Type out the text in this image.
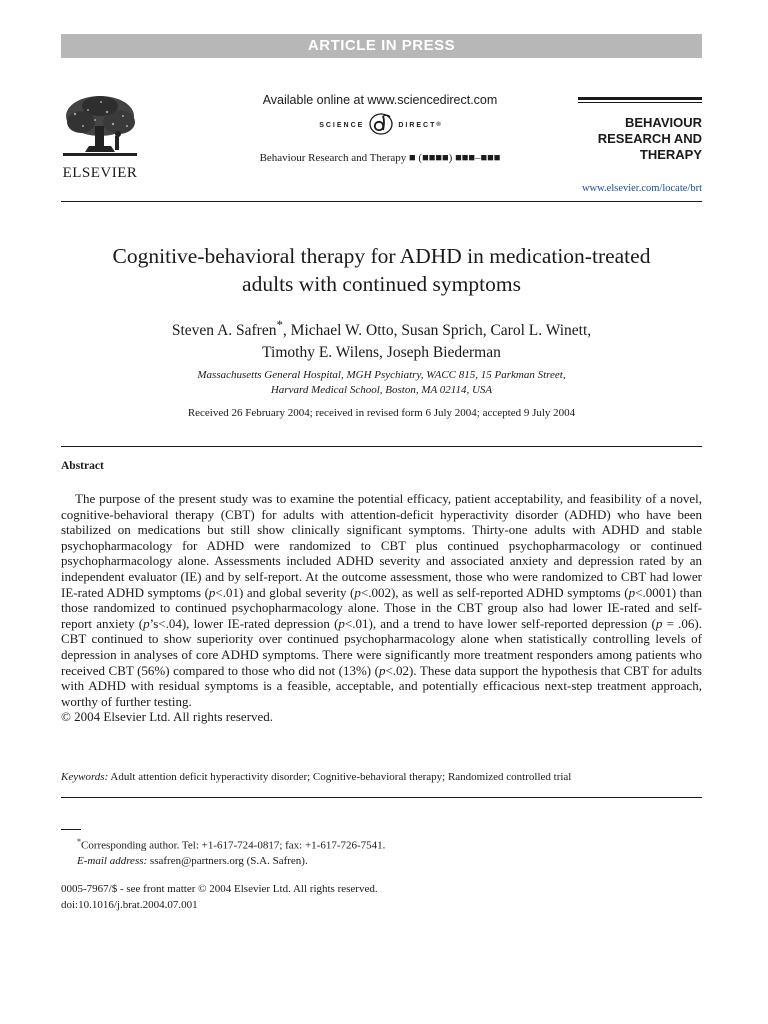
ARTICLE IN PRESS
ELSEVIER
Available online at www.sciencedirect.com
SCIENCE	DIRECT ®
Behaviour Research and Therapy ■ (■■■■) ■■■–■■■
BEHAVIOUR
RESEARCH AND
THERAPY
www.elsevier.com/locate/brt
Cognitive-behavioral therapy for ADHD in medication-treated
adults with continued symptoms
Steven A. Safren*, Michael W. Otto, Susan Sprich, Carol L. Winett,
Timothy E. Wilens, Joseph Biederman
Massachusetts General Hospital, MGH Psychiatry, WACC 815, 15 Parkman Street,
Harvard Medical School, Boston, MA 02114, USA
Received 26 February 2004; received in revised form 6 July 2004; accepted 9 July 2004
Abstract
The purpose of the present study was to examine the potential efficacy, patient acceptability, and feasibility of a novel, cognitive-behavioral therapy (CBT) for adults with attention-deficit hyperactivity disorder (ADHD) who have been stabilized on medications but still show clinically significant symptoms. Thirty-one adults with ADHD and stable psychopharmacology for ADHD were randomized to CBT plus continued psychopharmacology or continued psychopharmacology alone. Assessments included ADHD severity and associated anxiety and depression rated by an independent evaluator (IE) and by self-report. At the outcome assessment, those who were randomized to CBT had lower IE-rated ADHD symptoms (p<.01) and global severity (p<.002), as well as self-reported ADHD symptoms (p<.0001) than those randomized to continued psychopharmacology alone. Those in the CBT group also had lower IE-rated and self-report anxiety (p’s<.04), lower IE-rated depression (p<.01), and a trend to have lower self-reported depression (p = .06). CBT continued to show superiority over continued psychopharmacology alone when statistically controlling levels of depression in analyses of core ADHD symptoms. There were significantly more treatment responders among patients who received CBT (56%) compared to those who did not (13%) (p<.02). These data support the hypothesis that CBT for adults with ADHD with residual symptoms is a feasible, acceptable, and potentially efficacious next-step treatment approach, worthy of further testing.
© 2004 Elsevier Ltd. All rights reserved.
Keywords: Adult attention deficit hyperactivity disorder; Cognitive-behavioral therapy; Randomized controlled trial
*Corresponding author. Tel: +1-617-724-0817; fax: +1-617-726-7541.
E-mail address: ssafren@partners.org (S.A. Safren).
0005-7967/$ - see front matter © 2004 Elsevier Ltd. All rights reserved.
doi:10.1016/j.brat.2004.07.001
